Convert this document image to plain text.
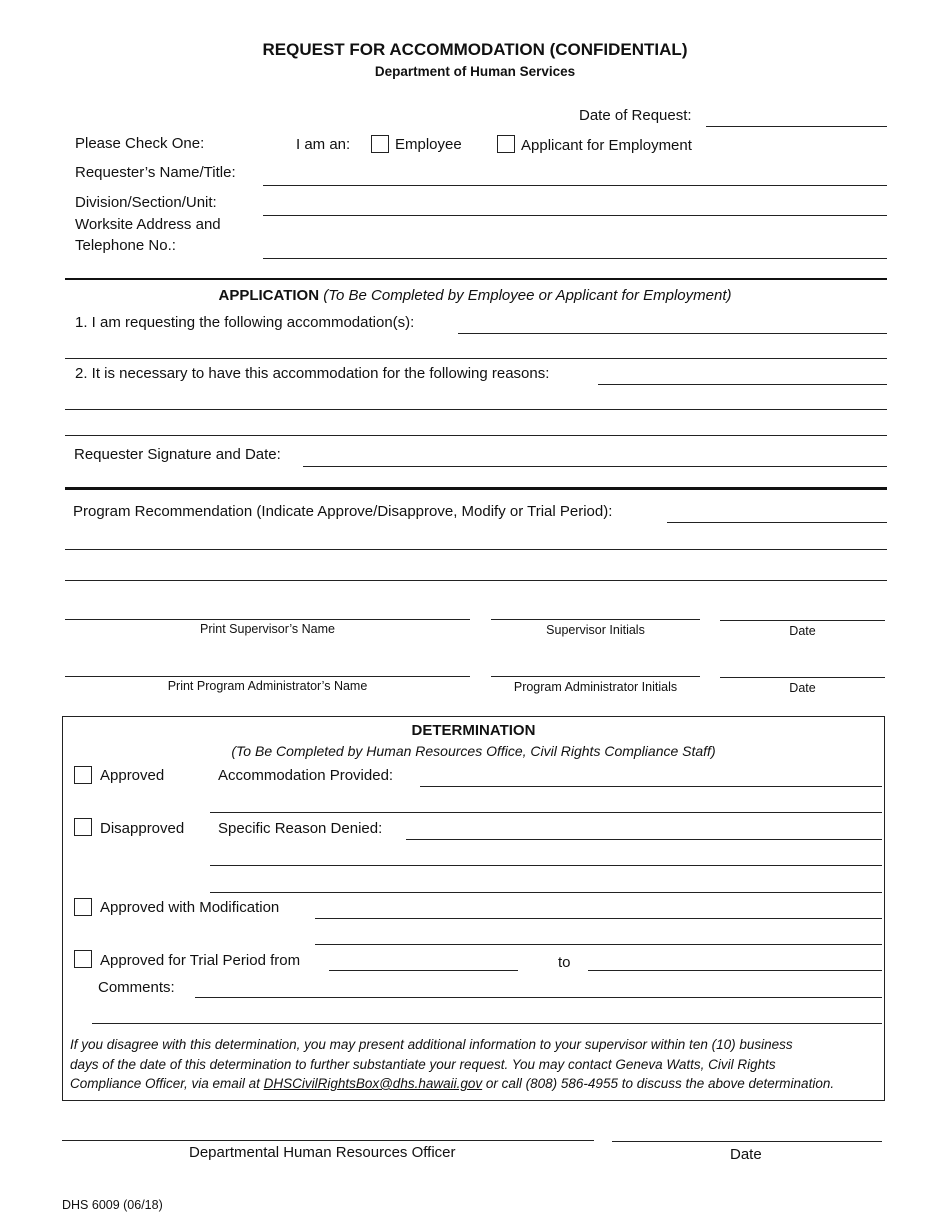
REQUEST FOR ACCOMMODATION (CONFIDENTIAL)
Department of Human Services
Date of Request:
Please Check One:	I am an:	Employee	Applicant for Employment
Requester’s Name/Title:
Division/Section/Unit:
Worksite Address and
Telephone No.:
APPLICATION (To Be Completed by Employee or Applicant for Employment)
1. I am requesting the following accommodation(s):
2. It is necessary to have this accommodation for the following reasons:
Requester Signature and Date:
Program Recommendation (Indicate Approve/Disapprove, Modify or Trial Period):
Print Supervisor’s Name	Supervisor Initials	Date
Print Program Administrator’s Name	Program Administrator Initials	Date
DETERMINATION
(To Be Completed by Human Resources Office, Civil Rights Compliance Staff)
Approved	Accommodation Provided:
Disapproved Specific Reason Denied:
Approved with Modification
Approved for Trial Period from	to
Comments:
If you disagree with this determination, you may present additional information to your supervisor within ten (10) business
days of the date of this determination to further substantiate your request. You may contact Geneva Watts, Civil Rights
Compliance Officer, via email at DHSCivilRightsBox@dhs.hawaii.gov or call (808) 586-4955 to discuss the above determination.
Departmental Human Resources Officer	Date
DHS 6009 (06/18)
